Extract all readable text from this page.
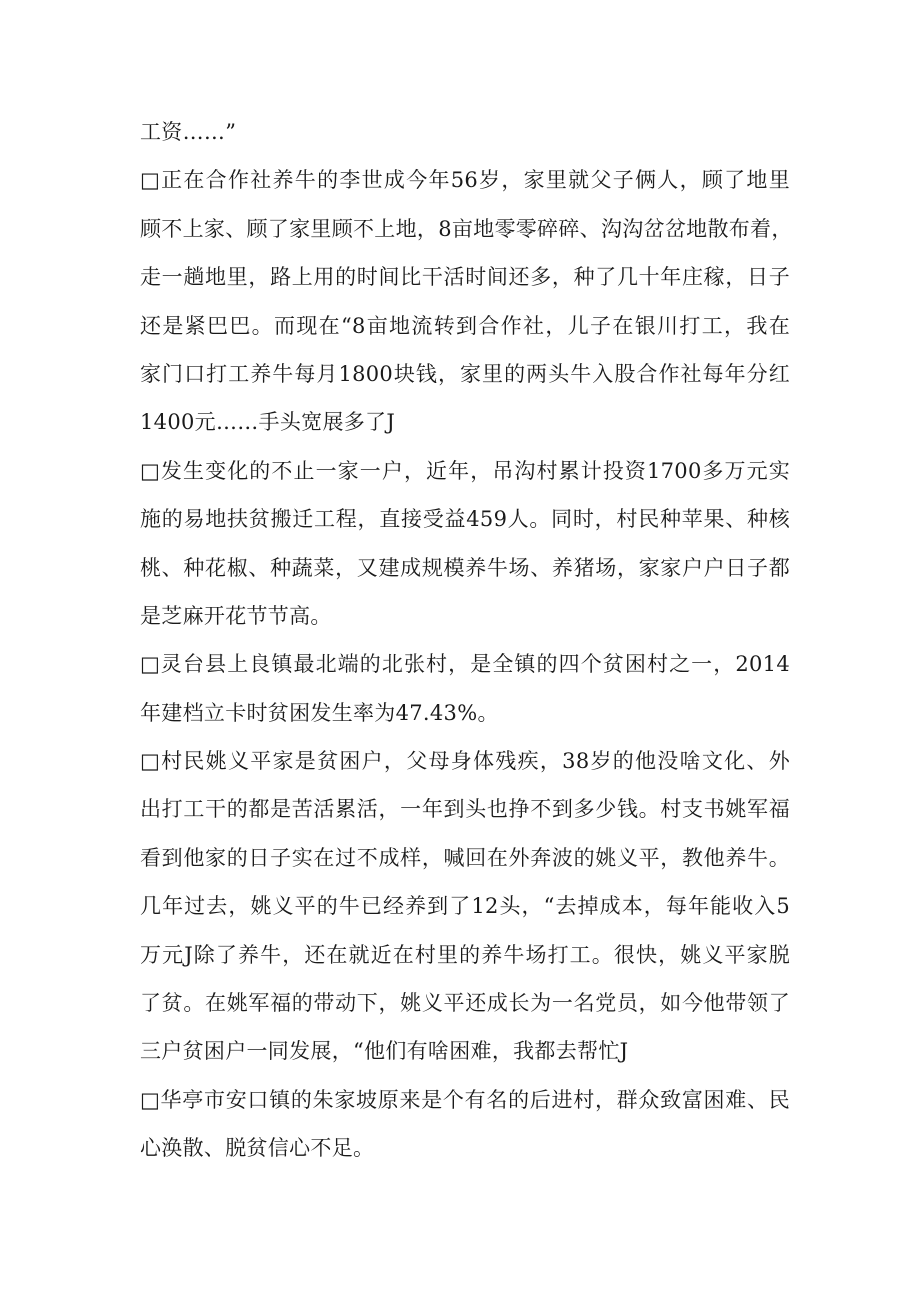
工资……”
□正在合作社养牛的李世成今年56岁，家里就父子俩人，顾了地里
顾不上家、顾了家里顾不上地，8亩地零零碎碎、沟沟岔岔地散布着，
走一趟地里，路上用的时间比干活时间还多，种了几十年庄稼，日子
还是紧巴巴。而现在“8亩地流转到合作社，儿子在银川打工，我在
家门口打工养牛每月1800块钱，家里的两头牛入股合作社每年分红
1400元……手头宽展多了J
□发生变化的不止一家一户，近年，吊沟村累计投资1700多万元实
施的易地扶贫搬迁工程，直接受益459人。同时，村民种苹果、种核
桃、种花椒、种蔬菜，又建成规模养牛场、养猪场，家家户户日子都
是芝麻开花节节高。
□灵台县上良镇最北端的北张村，是全镇的四个贫困村之一，2014
年建档立卡时贫困发生率为47.43%。
□村民姚义平家是贫困户，父母身体残疾，38岁的他没啥文化、外
出打工干的都是苦活累活，一年到头也挣不到多少钱。村支书姚军福
看到他家的日子实在过不成样，喊回在外奔波的姚义平，教他养牛。
几年过去，姚义平的牛已经养到了12头，“去掉成本，每年能收入5
万元J除了养牛，还在就近在村里的养牛场打工。很快，姚义平家脱
了贫。在姚军福的带动下，姚义平还成长为一名党员，如今他带领了
三户贫困户一同发展，“他们有啥困难，我都去帮忙J
□华亭市安口镇的朱家坡原来是个有名的后进村，群众致富困难、民
心涣散、脱贫信心不足。
